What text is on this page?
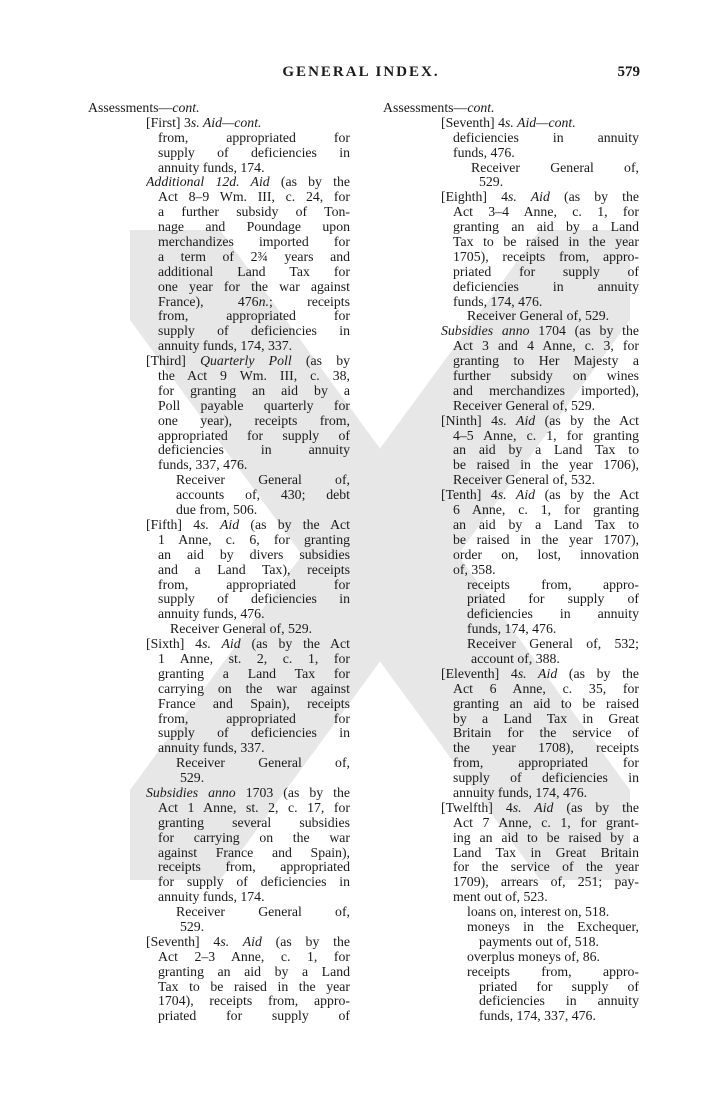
GENERAL INDEX.	579
Assessments—cont.
[First] 3s. Aid—cont.
from, appropriated for
supply of deficiencies in
annuity funds, 174.
Additional 12d. Aid (as by the
Act 8–9 Wm. III, c. 24, for
a further subsidy of Ton-
nage and Poundage upon
merchandizes imported for
a term of 2¾ years and
additional Land Tax for
one year for the war against
France), 476n.; receipts
from, appropriated for
supply of deficiencies in
annuity funds, 174, 337.
[Third] Quarterly Poll (as by
the Act 9 Wm. III, c. 38,
for granting an aid by a
Poll payable quarterly for
one year), receipts from,
appropriated for supply of
deficiencies in annuity
funds, 337, 476.
Receiver General of,
accounts of, 430; debt
due from, 506.
[Fifth] 4s. Aid (as by the Act
1 Anne, c. 6, for granting
an aid by divers subsidies
and a Land Tax), receipts
from, appropriated for
supply of deficiencies in
annuity funds, 476.
Receiver General of, 529.
[Sixth] 4s. Aid (as by the Act
1 Anne, st. 2, c. 1, for
granting a Land Tax for
carrying on the war against
France and Spain), receipts
from, appropriated for
supply of deficiencies in
annuity funds, 337.
Receiver General of,
529.
Subsidies anno 1703 (as by the
Act 1 Anne, st. 2, c. 17, for
granting several subsidies
for carrying on the war
against France and Spain),
receipts from, appropriated
for supply of deficiencies in
annuity funds, 174.
Receiver General of,
529.
[Seventh] 4s. Aid (as by the
Act 2–3 Anne, c. 1, for
granting an aid by a Land
Tax to be raised in the year
1704), receipts from, appro-
priated for supply of
Assessments—cont.
[Seventh] 4s. Aid—cont.
deficiencies in annuity
funds, 476.
Receiver General of,
529.
[Eighth] 4s. Aid (as by the
Act 3–4 Anne, c. 1, for
granting an aid by a Land
Tax to be raised in the year
1705), receipts from, appro-
priated for supply of
deficiencies in annuity
funds, 174, 476.
Receiver General of, 529.
Subsidies anno 1704 (as by the
Act 3 and 4 Anne, c. 3, for
granting to Her Majesty a
further subsidy on wines
and merchandizes imported),
Receiver General of, 529.
[Ninth] 4s. Aid (as by the Act
4–5 Anne, c. 1, for granting
an aid by a Land Tax to
be raised in the year 1706),
Receiver General of, 532.
[Tenth] 4s. Aid (as by the Act
6 Anne, c. 1, for granting
an aid by a Land Tax to
be raised in the year 1707),
order on, lost, innovation
of, 358.
receipts from, appro-
priated for supply of
deficiencies in annuity
funds, 174, 476.
Receiver General of, 532;
account of, 388.
[Eleventh] 4s. Aid (as by the
Act 6 Anne, c. 35, for
granting an aid to be raised
by a Land Tax in Great
Britain for the service of
the year 1708), receipts
from, appropriated for
supply of deficiencies in
annuity funds, 174, 476.
[Twelfth] 4s. Aid (as by the
Act 7 Anne, c. 1, for grant-
ing an aid to be raised by a
Land Tax in Great Britain
for the service of the year
1709), arrears of, 251; pay-
ment out of, 523.
loans on, interest on, 518.
moneys in the Exchequer,
payments out of, 518.
overplus moneys of, 86.
receipts from, appro-
priated for supply of
deficiencies in annuity
funds, 174, 337, 476.
